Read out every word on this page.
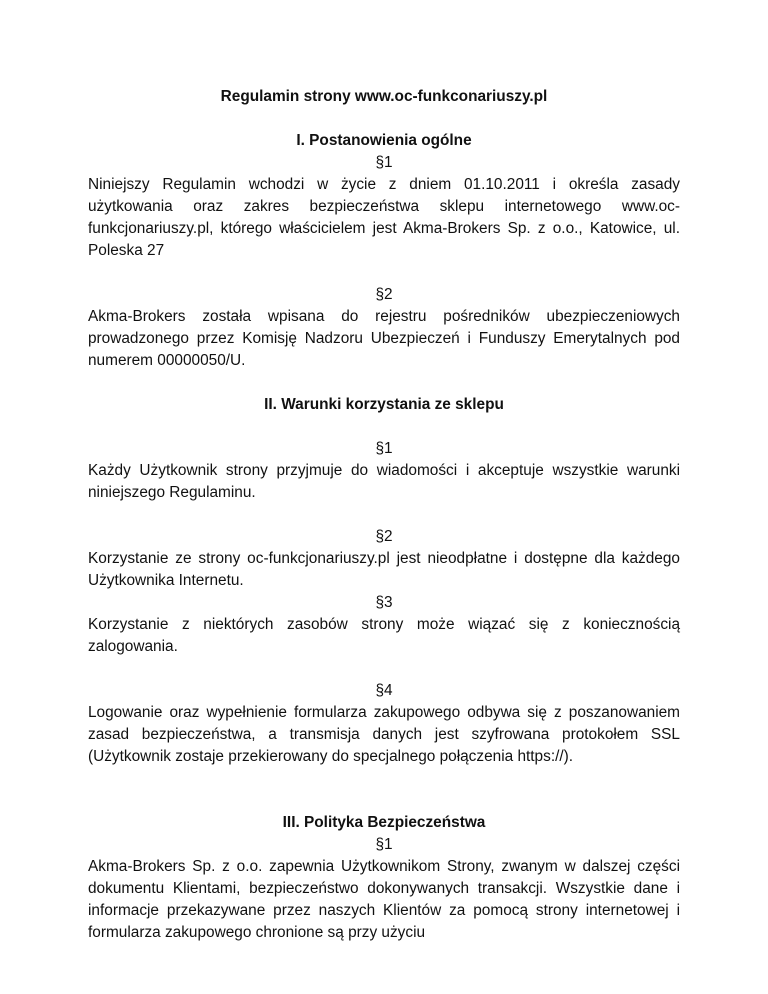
Regulamin strony www.oc-funkconariuszy.pl

I. Postanowienia ogólne

§1

Niniejszy Regulamin wchodzi w życie z dniem 01.10.2011 i określa zasady użytkowania oraz zakres bezpieczeństwa sklepu internetowego www.oc-funkcjonariuszy.pl, którego właścicielem jest Akma-Brokers Sp. z o.o., Katowice, ul. Poleska 27

§2

Akma-Brokers została wpisana do rejestru pośredników ubezpieczeniowych prowadzonego przez Komisję Nadzoru Ubezpieczeń i Funduszy Emerytalnych pod numerem 00000050/U.

II. Warunki korzystania ze sklepu

§1

Każdy Użytkownik strony przyjmuje do wiadomości i akceptuje wszystkie warunki niniejszego Regulaminu.

§2

Korzystanie ze strony oc-funkcjonariuszy.pl jest nieodpłatne i dostępne dla każdego Użytkownika Internetu.

§3

Korzystanie z niektórych zasobów strony może wiązać się z koniecznością zalogowania.

§4

Logowanie oraz wypełnienie formularza zakupowego odbywa się z poszanowaniem zasad bezpieczeństwa, a transmisja danych jest szyfrowana protokołem SSL (Użytkownik zostaje przekierowany do specjalnego połączenia https://).

III. Polityka Bezpieczeństwa

§1

Akma-Brokers Sp. z o.o. zapewnia Użytkownikom Strony, zwanym w dalszej części dokumentu Klientami, bezpieczeństwo dokonywanych transakcji. Wszystkie dane i informacje przekazywane przez naszych Klientów za pomocą strony internetowej i formularza zakupowego chronione są przy użyciu
